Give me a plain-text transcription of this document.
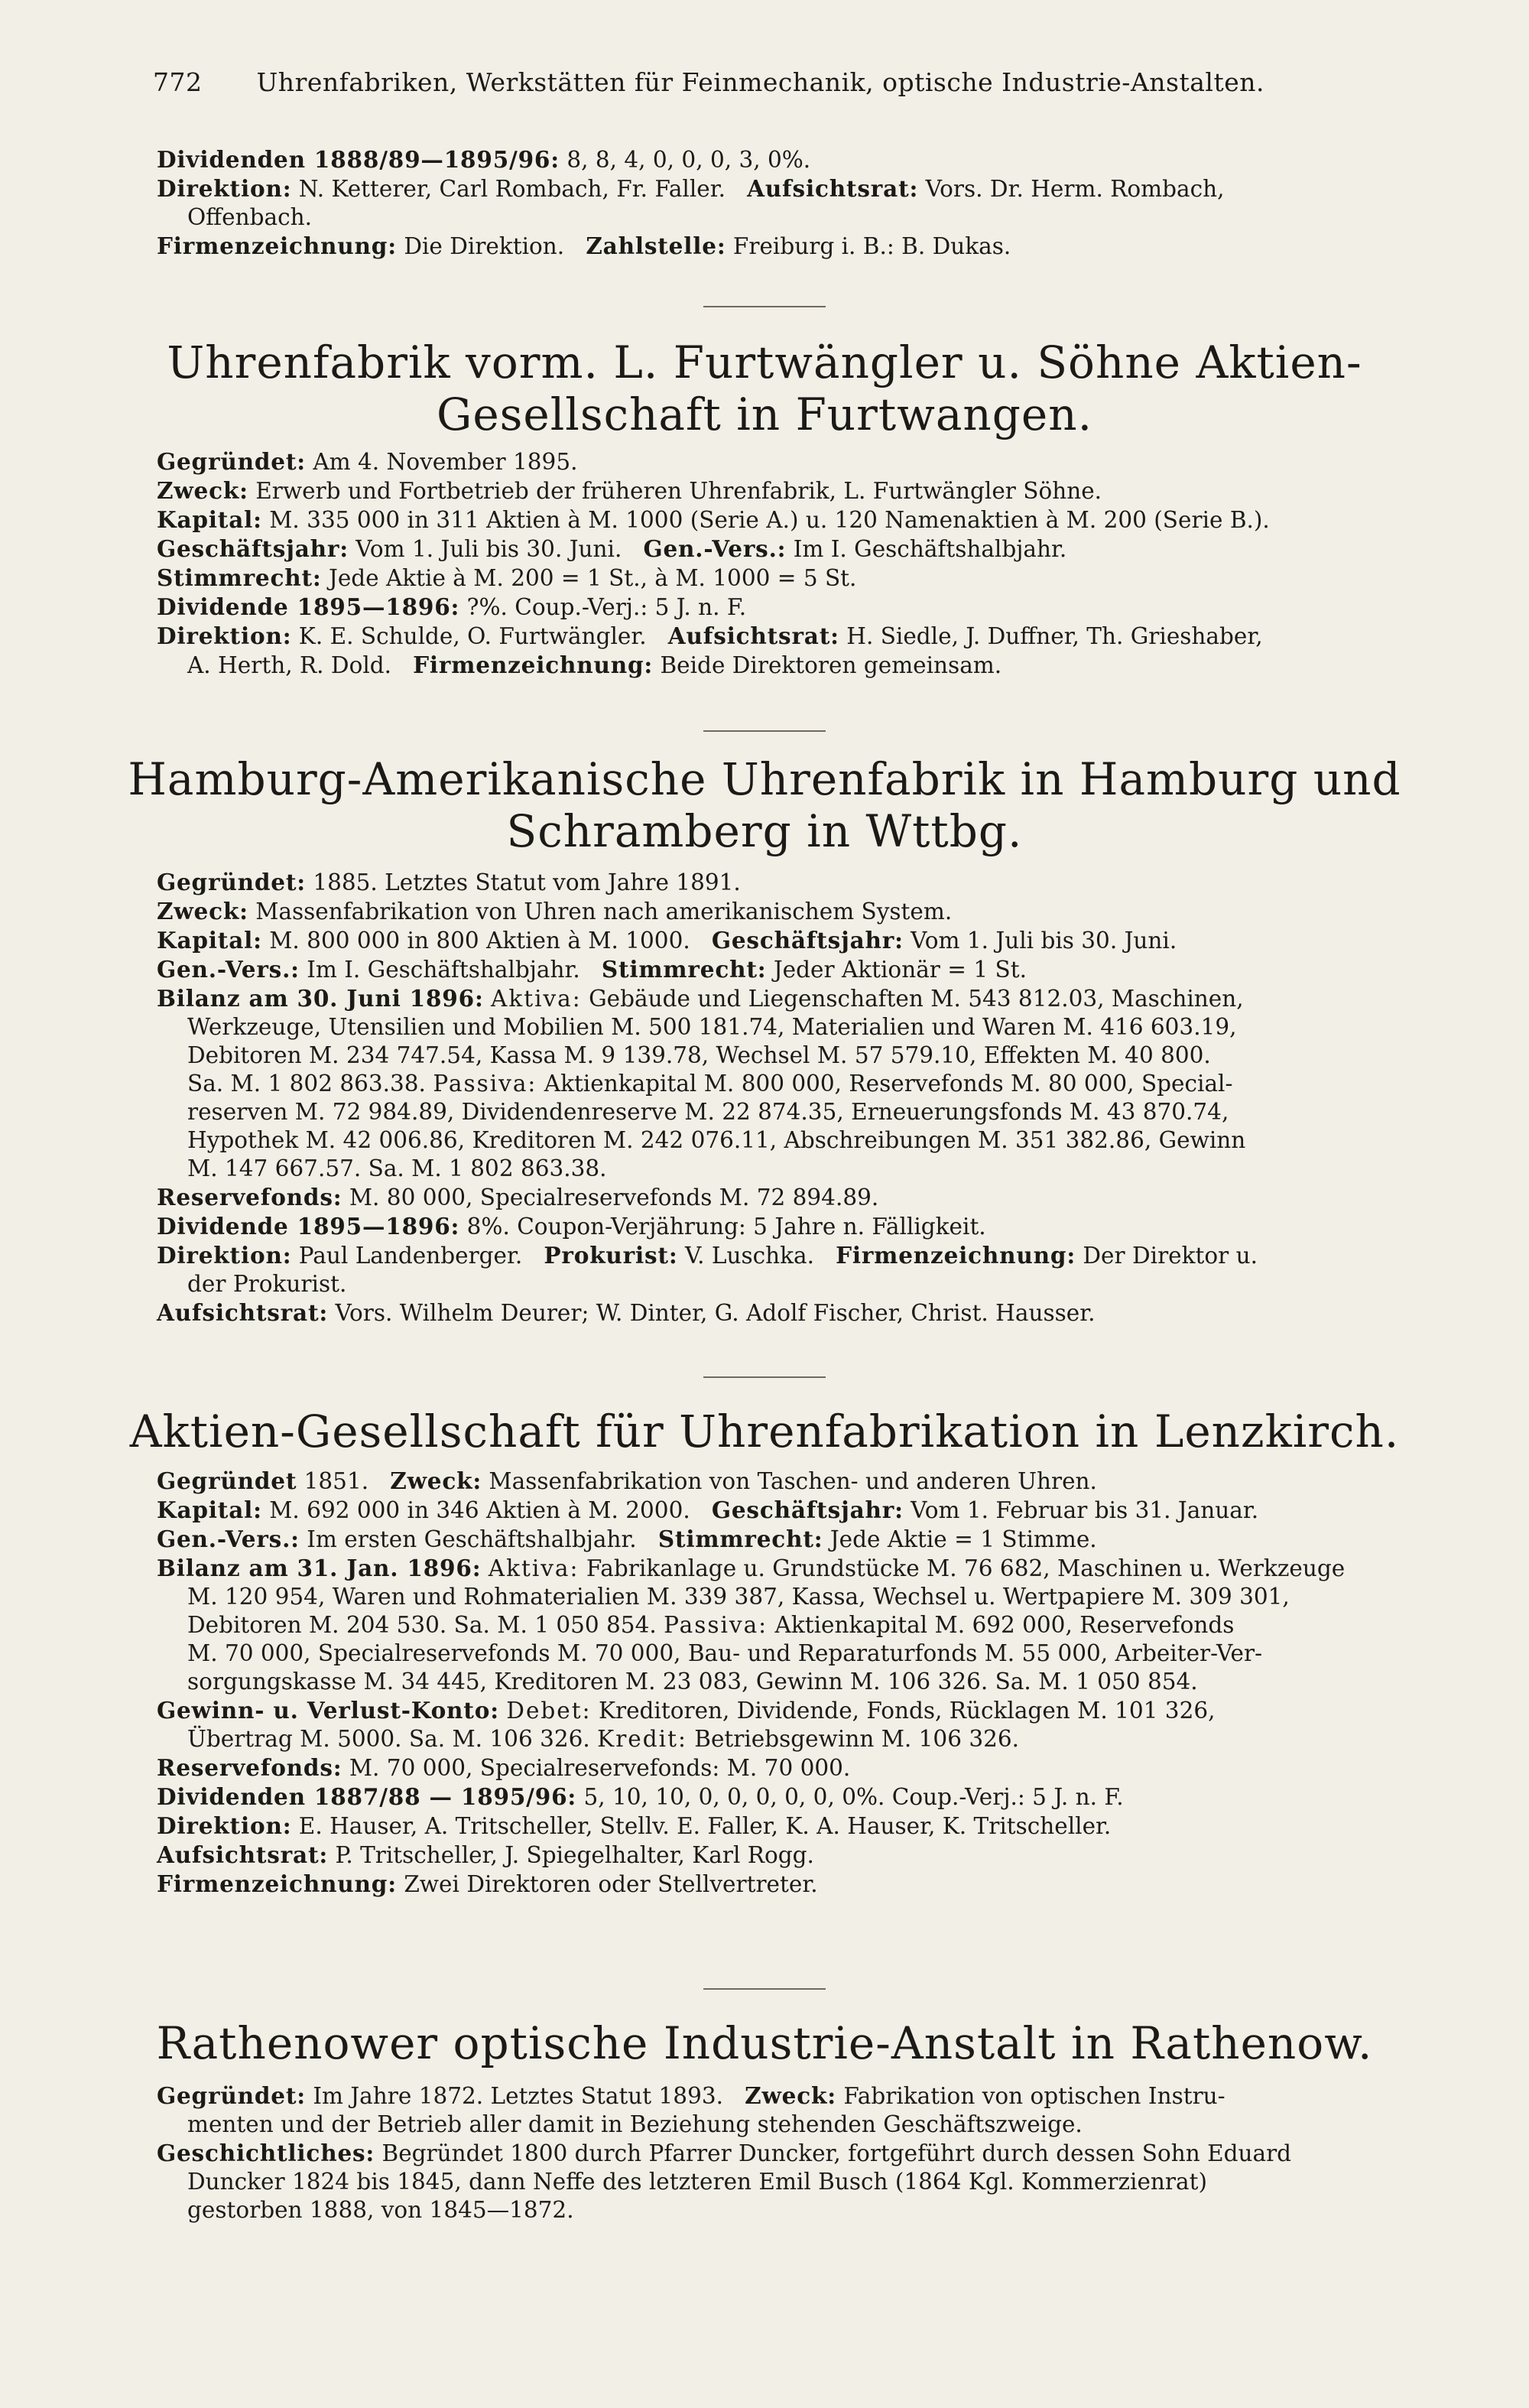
772 Uhrenfabriken, Werkstätten für Feinmechanik, optische Industrie-Anstalten.

Dividenden 1888/89—1895/96: 8, 8, 4, 0, 0, 0, 3, 0%.

Direktion: N. Ketterer, Carl Rombach, Fr. Faller. Aufsichtsrat: Vors. Dr. Herm. Rombach,
Offenbach.

Firmenzeichnung: Die Direktion. Zahlstelle: Freiburg i. B.: B. Dukas.

Uhrenfabrik vorm. L. Furtwängler u. Söhne Aktien-
Gesellschaft in Furtwangen.

Gegründet: Am 4. November 1895.

Zweck: Erwerb und Fortbetrieb der früheren Uhrenfabrik, L. Furtwängler Söhne.

Kapital: M. 335 000 in 311 Aktien à M. 1000 (Serie A.) u. 120 Namenaktien à M. 200 (Serie B.).

Geschäftsjahr: Vom 1. Juli bis 30. Juni. Gen.-Vers.: Im I. Geschäftshalbjahr.

Stimmrecht: Jede Aktie à M. 200 = 1 St., à M. 1000 = 5 St.

Dividende 1895—1896: ?%. Coup.-Verj.: 5 J. n. F.

Direktion: K. E. Schulde, O. Furtwängler. Aufsichtsrat: H. Siedle, J. Duffner, Th. Grieshaber,
A. Herth, R. Dold. Firmenzeichnung: Beide Direktoren gemeinsam.

Hamburg-Amerikanische Uhrenfabrik in Hamburg und
Schramberg in Wttbg.

Gegründet: 1885. Letztes Statut vom Jahre 1891.

Zweck: Massenfabrikation von Uhren nach amerikanischem System.

Kapital: M. 800 000 in 800 Aktien à M. 1000. Geschäftsjahr: Vom 1. Juli bis 30. Juni.

Gen.-Vers.: Im I. Geschäftshalbjahr. Stimmrecht: Jeder Aktionär = 1 St.

Bilanz am 30. Juni 1896: Aktiva: Gebäude und Liegenschaften M. 543 812.03, Maschinen,
Werkzeuge, Utensilien und Mobilien M. 500 181.74, Materialien und Waren M. 416 603.19,
Debitoren M. 234 747.54, Kassa M. 9 139.78, Wechsel M. 57 579.10, Effekten M. 40 800.
Sa. M. 1 802 863.38. Passiva: Aktienkapital M. 800 000, Reservefonds M. 80 000, Special-
reserven M. 72 984.89, Dividendenreserve M. 22 874.35, Erneuerungsfonds M. 43 870.74,
Hypothek M. 42 006.86, Kreditoren M. 242 076.11, Abschreibungen M. 351 382.86, Gewinn
M. 147 667.57. Sa. M. 1 802 863.38.

Reservefonds: M. 80 000, Specialreservefonds M. 72 894.89.

Dividende 1895—1896: 8%. Coupon-Verjährung: 5 Jahre n. Fälligkeit.

Direktion: Paul Landenberger. Prokurist: V. Luschka. Firmenzeichnung: Der Direktor u.
der Prokurist.

Aufsichtsrat: Vors. Wilhelm Deurer; W. Dinter, G. Adolf Fischer, Christ. Hausser.

Aktien-Gesellschaft für Uhrenfabrikation in Lenzkirch.

Gegründet 1851. Zweck: Massenfabrikation von Taschen- und anderen Uhren.

Kapital: M. 692 000 in 346 Aktien à M. 2000. Geschäftsjahr: Vom 1. Februar bis 31. Januar.

Gen.-Vers.: Im ersten Geschäftshalbjahr. Stimmrecht: Jede Aktie = 1 Stimme.

Bilanz am 31. Jan. 1896: Aktiva: Fabrikanlage u. Grundstücke M. 76 682, Maschinen u. Werkzeuge
M. 120 954, Waren und Rohmaterialien M. 339 387, Kassa, Wechsel u. Wertpapiere M. 309 301,
Debitoren M. 204 530. Sa. M. 1 050 854. Passiva: Aktienkapital M. 692 000, Reservefonds
M. 70 000, Specialreservefonds M. 70 000, Bau- und Reparaturfonds M. 55 000, Arbeiter-Ver-
sorgungskasse M. 34 445, Kreditoren M. 23 083, Gewinn M. 106 326. Sa. M. 1 050 854.

Gewinn- u. Verlust-Konto: Debet: Kreditoren, Dividende, Fonds, Rücklagen M. 101 326,
Übertrag M. 5000. Sa. M. 106 326. Kredit: Betriebsgewinn M. 106 326.

Reservefonds: M. 70 000, Specialreservefonds: M. 70 000.

Dividenden 1887/88 — 1895/96: 5, 10, 10, 0, 0, 0, 0, 0, 0%. Coup.-Verj.: 5 J. n. F.

Direktion: E. Hauser, A. Tritscheller, Stellv. E. Faller, K. A. Hauser, K. Tritscheller.

Aufsichtsrat: P. Tritscheller, J. Spiegelhalter, Karl Rogg.

Firmenzeichnung: Zwei Direktoren oder Stellvertreter.

Rathenower optische Industrie-Anstalt in Rathenow.

Gegründet: Im Jahre 1872. Letztes Statut 1893. Zweck: Fabrikation von optischen Instru-
menten und der Betrieb aller damit in Beziehung stehenden Geschäftszweige.

Geschichtliches: Begründet 1800 durch Pfarrer Duncker, fortgeführt durch dessen Sohn Eduard
Duncker 1824 bis 1845, dann Neffe des letzteren Emil Busch (1864 Kgl. Kommerzienrat)
gestorben 1888, von 1845—1872.
